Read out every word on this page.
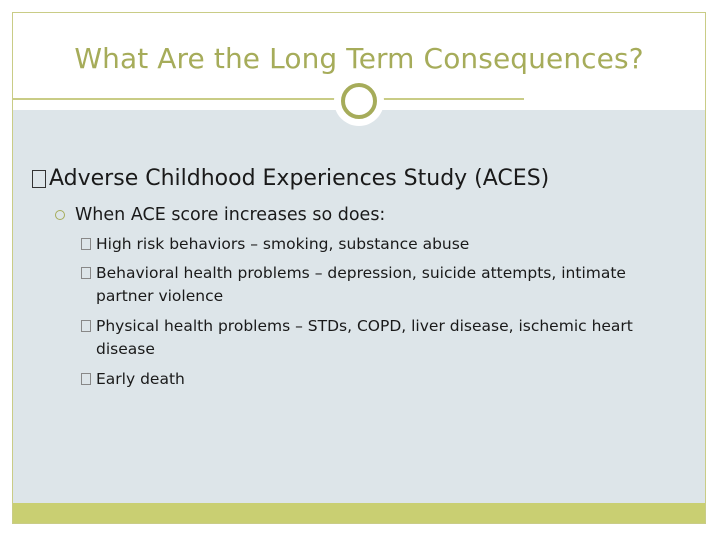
What Are the Long Term Consequences?
Adverse Childhood Experiences Study (ACES)
When ACE score increases so does:
High risk behaviors – smoking, substance abuse
Behavioral health problems – depression, suicide attempts, intimate
partner violence
Physical health problems – STDs, COPD, liver disease, ischemic heart
disease
Early death
